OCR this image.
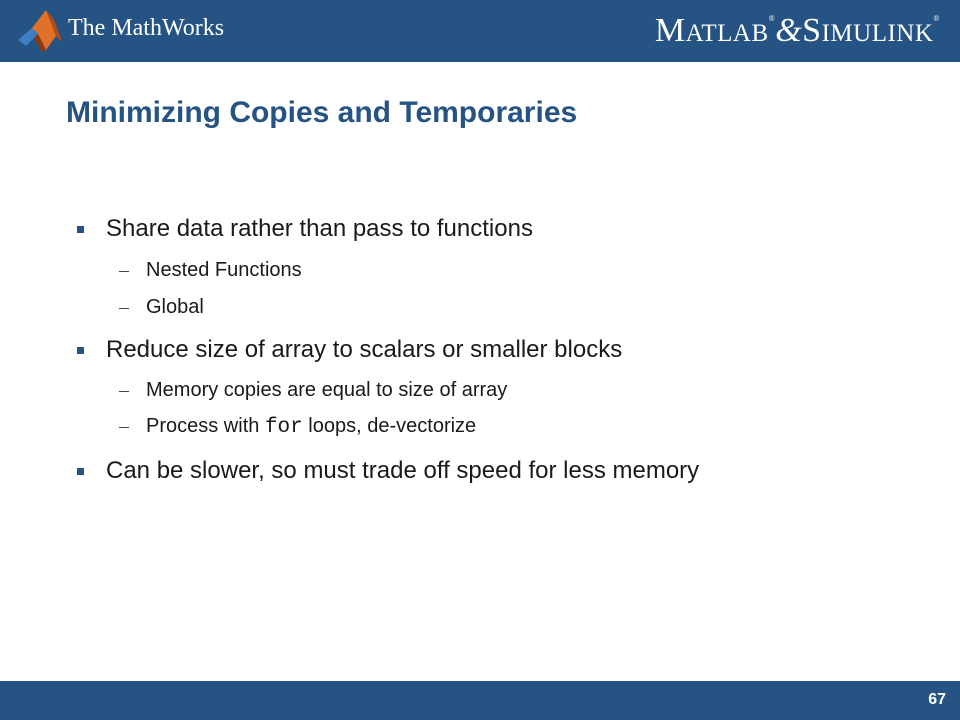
The MathWorks	MATLAB®&SIMULINK®
Minimizing Copies and Temporaries
Share data rather than pass to functions
Nested Functions
Global
Reduce size of array to scalars or smaller blocks
Memory copies are equal to size of array
Process with for loops, de-vectorize
Can be slower, so must trade off speed for less memory
67
